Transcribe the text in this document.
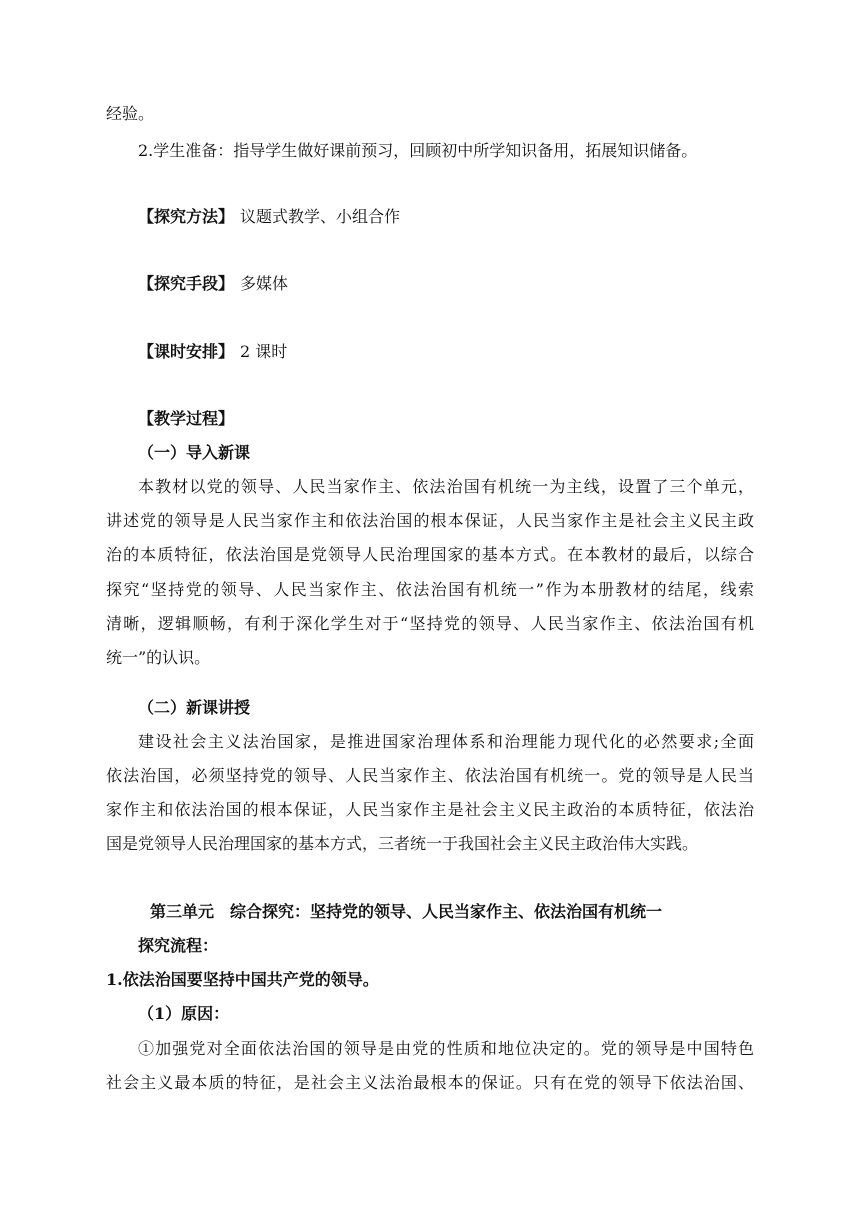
经验。
2.学生准备：指导学生做好课前预习，回顾初中所学知识备用，拓展知识储备。
【探究方法】 议题式教学、小组合作
【探究手段】 多媒体
【课时安排】 2 课时
【教学过程】
（一）导入新课
本教材以党的领导、人民当家作主、依法治国有机统一为主线，设置了三个单元，
讲述党的领导是人民当家作主和依法治国的根本保证，人民当家作主是社会主义民主政
治的本质特征，依法治国是党领导人民治理国家的基本方式。在本教材的最后，以综合
探究“坚持党的领导、人民当家作主、依法治国有机统一”作为本册教材的结尾，线索
清晰，逻辑顺畅，有利于深化学生对于“坚持党的领导、人民当家作主、依法治国有机
统一”的认识。
（二）新课讲授
建设社会主义法治国家，是推进国家治理体系和治理能力现代化的必然要求;全面
依法治国，必须坚持党的领导、人民当家作主、依法治国有机统一。党的领导是人民当
家作主和依法治国的根本保证，人民当家作主是社会主义民主政治的本质特征，依法治
国是党领导人民治理国家的基本方式，三者统一于我国社会主义民主政治伟大实践。
第三单元　综合探究：坚持党的领导、人民当家作主、依法治国有机统一
探究流程：
1.依法治国要坚持中国共产党的领导。
（1）原因：
①加强党对全面依法治国的领导是由党的性质和地位决定的。党的领导是中国特色
社会主义最本质的特征，是社会主义法治最根本的保证。只有在党的领导下依法治国、
